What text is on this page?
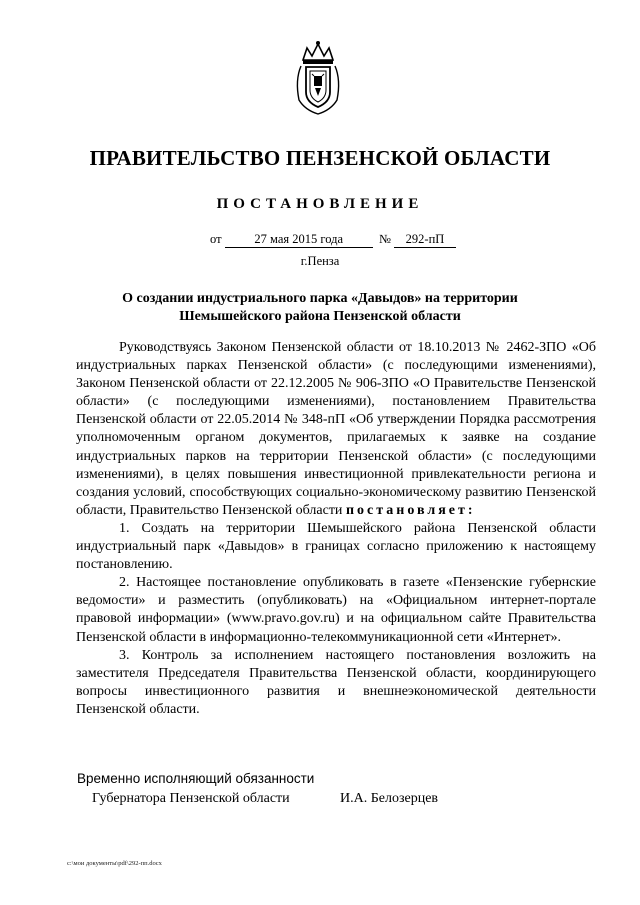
ПРАВИТЕЛЬСТВО ПЕНЗЕНСКОЙ ОБЛАСТИ
ПОСТАНОВЛЕНИЕ
от	27 мая 2015 года	№ 292-пП
г.Пенза
О создании индустриального парка «Давыдов» на территории
Шемышейского района Пензенской области

Руководствуясь Законом Пензенской области от 18.10.2013 № 2462-ЗПО «Об индустриальных парках Пензенской области» (с последующими изменениями), Законом Пензенской области от 22.12.2005 № 906-ЗПО «О Правительстве Пензенской области» (с последующими изменениями), постановлением Правительства Пензенской области от 22.05.2014 № 348-пП «Об утверждении Порядка рассмотрения уполномоченным органом документов, прилагаемых к заявке на создание индустриальных парков на территории Пензенской области» (с последующими изменениями), в целях повышения инвестиционной привлекательности региона и создания условий, способствующих социально-экономическому развитию Пензенской области, Правительство Пензенской области постановляет:

1. Создать на территории Шемышейского района Пензенской области индустриальный парк «Давыдов» в границах согласно приложению к настоящему постановлению.

2. Настоящее постановление опубликовать в газете «Пензенские губернские ведомости» и разместить (опубликовать) на «Официальном интернет-портале правовой информации» (www.pravo.gov.ru) и на официальном сайте Правительства Пензенской области в информационно-телекоммуникационной сети «Интернет».

3. Контроль за исполнением настоящего постановления возложить на заместителя Председателя Правительства Пензенской области, координирующего вопросы инвестиционного развития и внешнеэкономической деятельности Пензенской области.

Временно исполняющий обязанности
Губернатора Пензенской области	И.А. Белозерцев
c:\мои документы\pdf\292-пп.docx
